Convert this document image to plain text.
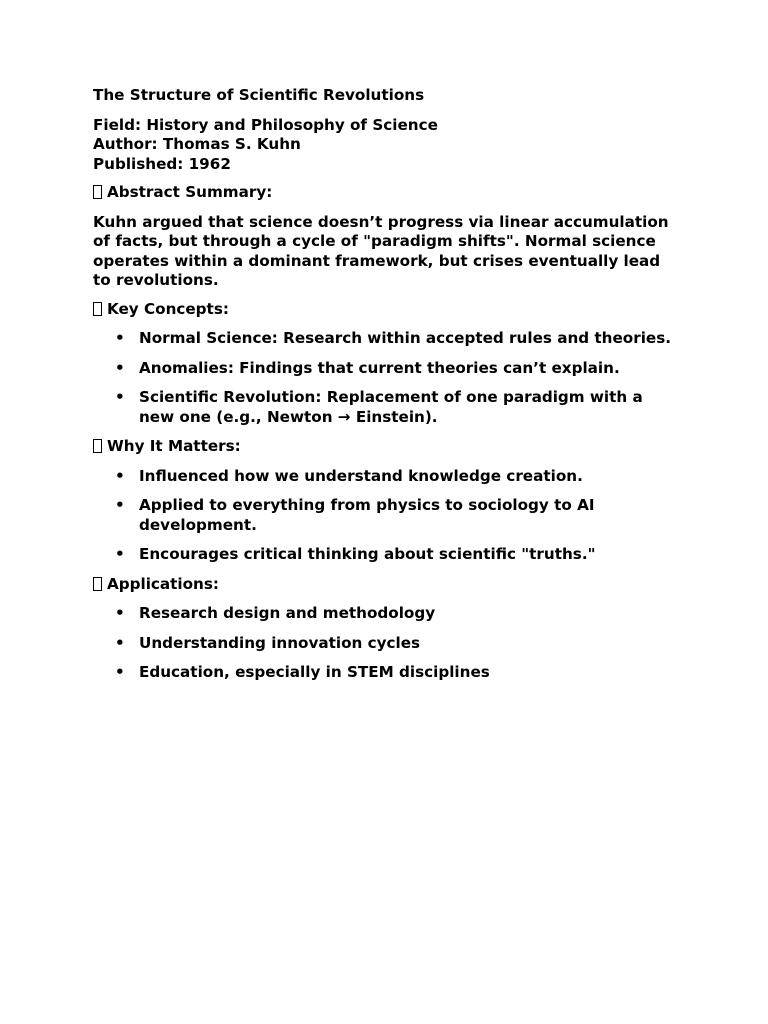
The Structure of Scientific Revolutions
Field: History and Philosophy of Science
Author: Thomas S. Kuhn
Published: 1962
Abstract Summary:
Kuhn argued that science doesn’t progress via linear accumulation of facts, but through a cycle of "paradigm shifts". Normal science operates within a dominant framework, but crises eventually lead to revolutions.
Key Concepts:
• Normal Science: Research within accepted rules and theories.
• Anomalies: Findings that current theories can’t explain.
• Scientific Revolution: Replacement of one paradigm with a new one (e.g., Newton → Einstein).
Why It Matters:
• Influenced how we understand knowledge creation.
• Applied to everything from physics to sociology to AI development.
• Encourages critical thinking about scientific "truths."
Applications:
• Research design and methodology
• Understanding innovation cycles
• Education, especially in STEM disciplines
